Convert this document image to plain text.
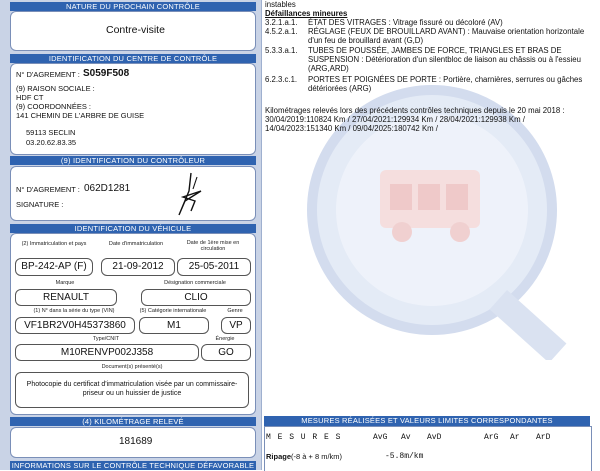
NATURE DU PROCHAIN CONTRÔLE
Contre-visite
IDENTIFICATION DU CENTRE DE CONTRÔLE
N° D'AGREMENT : S059F508
(9) RAISON SOCIALE :
HDF CT
(9) COORDONNÉES :
141 CHEMIN DE L'ARBRE DE GUISE
59113 SECLIN
03.20.62.83.35
(9) IDENTIFICATION DU CONTRÔLEUR
N° D'AGREMENT : 062D1281
SIGNATURE :
IDENTIFICATION DU VÉHICULE
(2) Immatriculation et pays	Date d'immatriculation	Date de 1ère mise en circulation
BP-242-AP (F)	21-09-2012	25-05-2011
Marque	Désignation commerciale
RENAULT	CLIO
(1) N° dans la série du type (VIN)	(5) Catégorie internationale	Genre
VF1BR2V0H45373860	M1	VP
Type/CNIT	Énergie
M10RENVP002J358	GO
Document(s) présenté(s)
Photocopie du certificat d'immatriculation visée par un commissaire-priseur ou un huissier de justice
(4) KILOMÉTRAGE RELEVÉ
181689
INFORMATIONS SUR LE CONTRÔLE TECHNIQUE DÉFAVORABLE
instables
Défaillances mineures
3.2.1.a.1. ÉTAT DES VITRAGES : Vitrage fissuré ou décoloré (AV)
4.5.2.a.1.	RÉGLAGE (FEUX DE BROUILLARD AVANT) : Mauvaise orientation horizontale d'un feu de brouillard avant (G,D)
5.3.3.a.1.	TUBES DE POUSSÉE, JAMBES DE FORCE, TRIANGLES ET BRAS DE SUSPENSION : Détérioration d'un silentbloc de liaison au châssis ou à l'essieu (ARG,ARD)
6.2.3.c.1.	PORTES ET POIGNÉES DE PORTE : Portière, charnières, serrures ou gâches détériorées (ARG)
Kilométrages relevés lors des précédents contrôles techniques depuis le 20 mai 2018 :
30/04/2019:110824 Km / 27/04/2021:129934 Km / 28/04/2021:129938 Km /
14/04/2023:151340 Km / 09/04/2025:180742 Km /
MESURES RÉALISÉES ET VALEURS LIMITES CORRESPONDANTES
M E S U R E S	AvG Av AvD	ArG Ar ArD
Ripage (-8 à + 8 m/km)	-5.8m/km
